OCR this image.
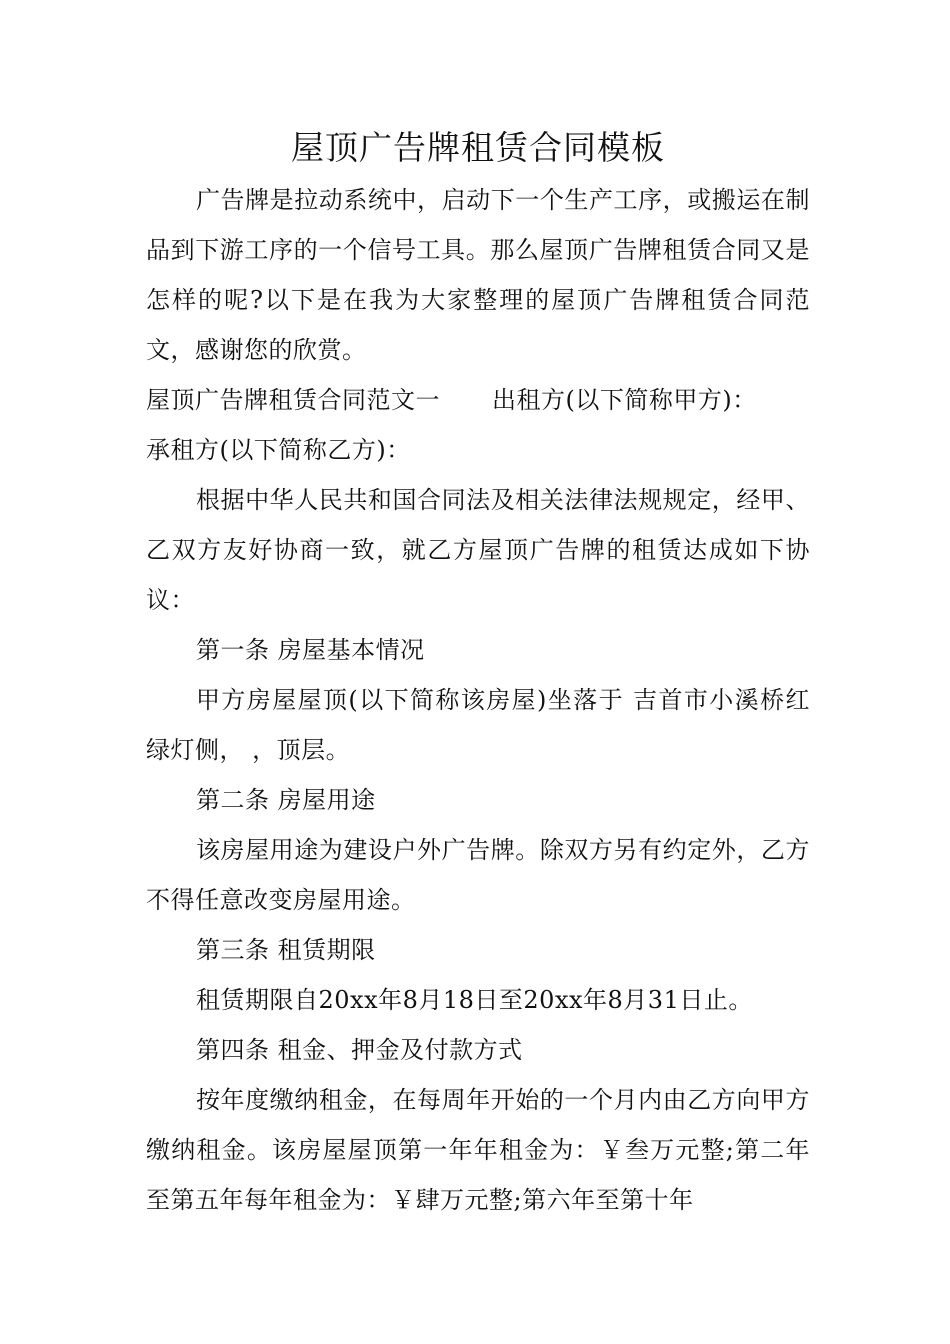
屋顶广告牌租赁合同模板

广告牌是拉动系统中，启动下一个生产工序，或搬运在制品到下游工序的一个信号工具。那么屋顶广告牌租赁合同又是怎样的呢?以下是在我为大家整理的屋顶广告牌租赁合同范文，感谢您的欣赏。

屋顶广告牌租赁合同范文一 出租方(以下简称甲方)：
承租方(以下简称乙方)：

根据中华人民共和国合同法及相关法律法规规定，经甲、乙双方友好协商一致，就乙方屋顶广告牌的租赁达成如下协议：

第一条 房屋基本情况

甲方房屋屋顶(以下简称该房屋)坐落于 吉首市小溪桥红绿灯侧， ，顶层。

第二条 房屋用途

该房屋用途为建设户外广告牌。除双方另有约定外，乙方不得任意改变房屋用途。

第三条 租赁期限

租赁期限自20xx年8月18日至20xx年8月31日止。

第四条 租金、押金及付款方式

按年度缴纳租金，在每周年开始的一个月内由乙方向甲方缴纳租金。该房屋屋顶第一年年租金为：￥叁万元整;第二年至第五年每年租金为：￥肆万元整;第六年至第十年
